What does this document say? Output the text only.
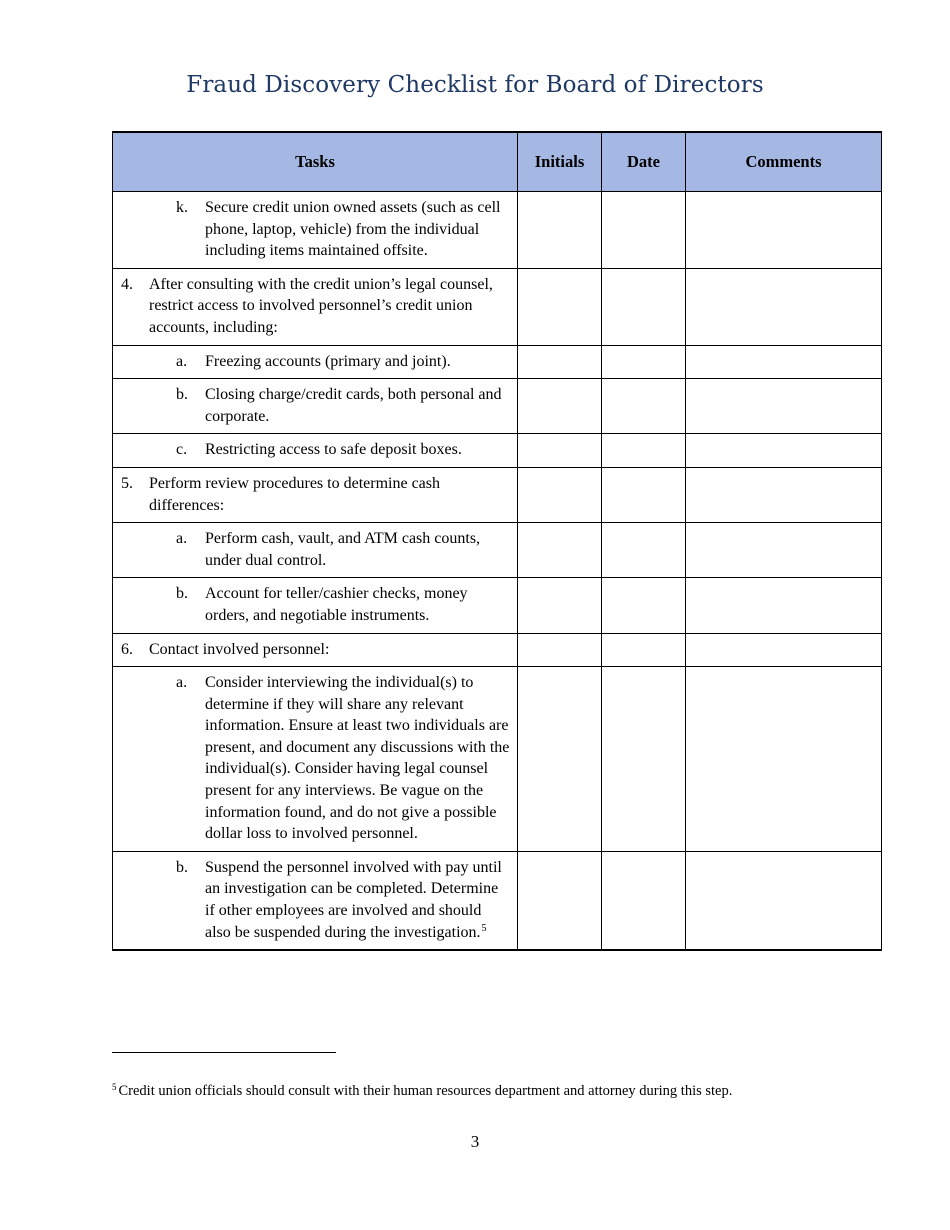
Fraud Discovery Checklist for Board of Directors
Tasks	Initials	Date	Comments

k. Secure credit union owned assets (such as cell phone, laptop, vehicle) from the individual including items maintained offsite.			

4. After consulting with the credit union’s legal counsel, restrict access to involved personnel’s credit union accounts, including:			

a. Freezing accounts (primary and joint).			

b. Closing charge/credit cards, both personal and corporate.			

c. Restricting access to safe deposit boxes.			

5. Perform review procedures to determine cash differences:			

a. Perform cash, vault, and ATM cash counts, under dual control.			

b. Account for teller/cashier checks, money orders, and negotiable instruments.			

6. Contact involved personnel:			

a. Consider interviewing the individual(s) to determine if they will share any relevant information. Ensure at least two individuals are present, and document any discussions with the individual(s). Consider having legal counsel present for any interviews. Be vague on the information found, and do not give a possible dollar loss to involved personnel.			

b. Suspend the personnel involved with pay until an investigation can be completed. Determine if other employees are involved and should also be suspended during the investigation.$^5$

$^5$ Credit union officials should consult with their human resources department and attorney during this step.
3
